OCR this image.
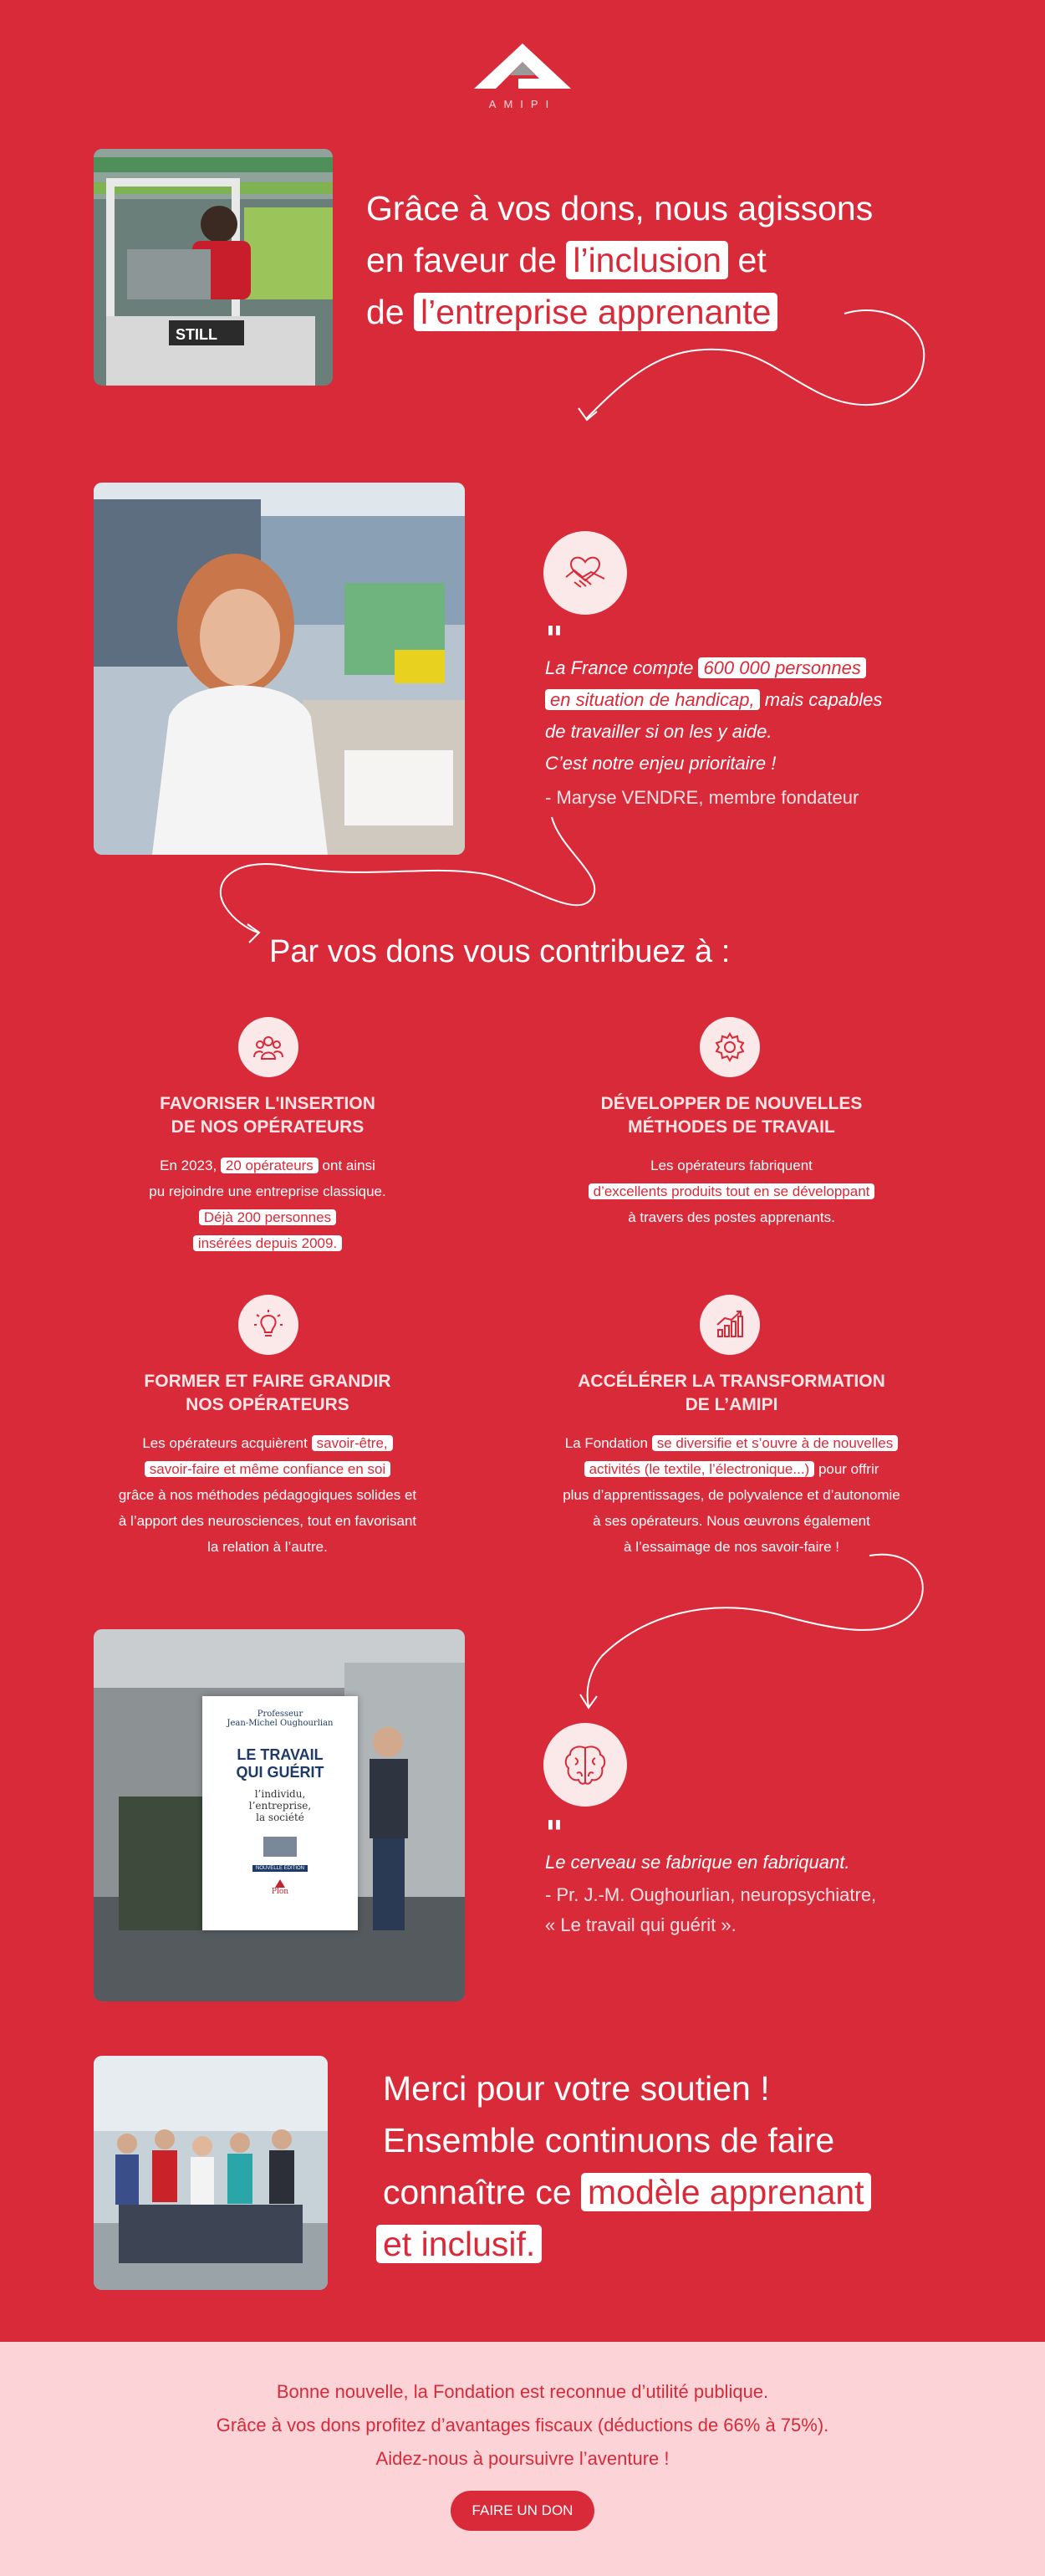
AMIPI
STILL
Grâce à vos dons, nous agissons
en faveur de l’inclusion et
de l’entreprise apprenante
"
La France compte 600 000 personnes
en situation de handicap, mais capables
de travailler si on les y aide.
C’est notre enjeu prioritaire !
- Maryse VENDRE, membre fondateur
Par vos dons vous contribuez à :
FAVORISER L'INSERTION
DE NOS OPÉRATEURS
En 2023, 20 opérateurs ont ainsi
pu rejoindre une entreprise classique.
Déjà 200 personnes
insérées depuis 2009.
DÉVELOPPER DE NOUVELLES
MÉTHODES DE TRAVAIL
Les opérateurs fabriquent
d’excellents produits tout en se développant
à travers des postes apprenants.
FORMER ET FAIRE GRANDIR
NOS OPÉRATEURS
Les opérateurs acquièrent savoir-être,
savoir-faire et même confiance en soi
grâce à nos méthodes pédagogiques solides et
à l’apport des neurosciences, tout en favorisant
la relation à l’autre.
ACCÉLÉRER LA TRANSFORMATION
DE L’AMIPI
La Fondation se diversifie et s’ouvre à de nouvelles
activités (le textile, l’électronique...) pour offrir
plus d’apprentissages, de polyvalence et d’autonomie
à ses opérateurs. Nous œuvrons également
à l’essaimage de nos savoir-faire !
Professeur
Jean-Michel Oughourlian
LE TRAVAIL
QUI GUÉRIT
l’individu,
l’entreprise,
la société
NOUVELLE ÉDITION
Plon
"
Le cerveau se fabrique en fabriquant.
- Pr. J.-M. Oughourlian, neuropsychiatre,
« Le travail qui guérit ».
Merci pour votre soutien !
Ensemble continuons de faire
connaître ce modèle apprenant
et inclusif.
Bonne nouvelle, la Fondation est reconnue d’utilité publique.
Grâce à vos dons profitez d’avantages fiscaux (déductions de 66% à 75%).
Aidez-nous à poursuivre l’aventure !
FAIRE UN DON
